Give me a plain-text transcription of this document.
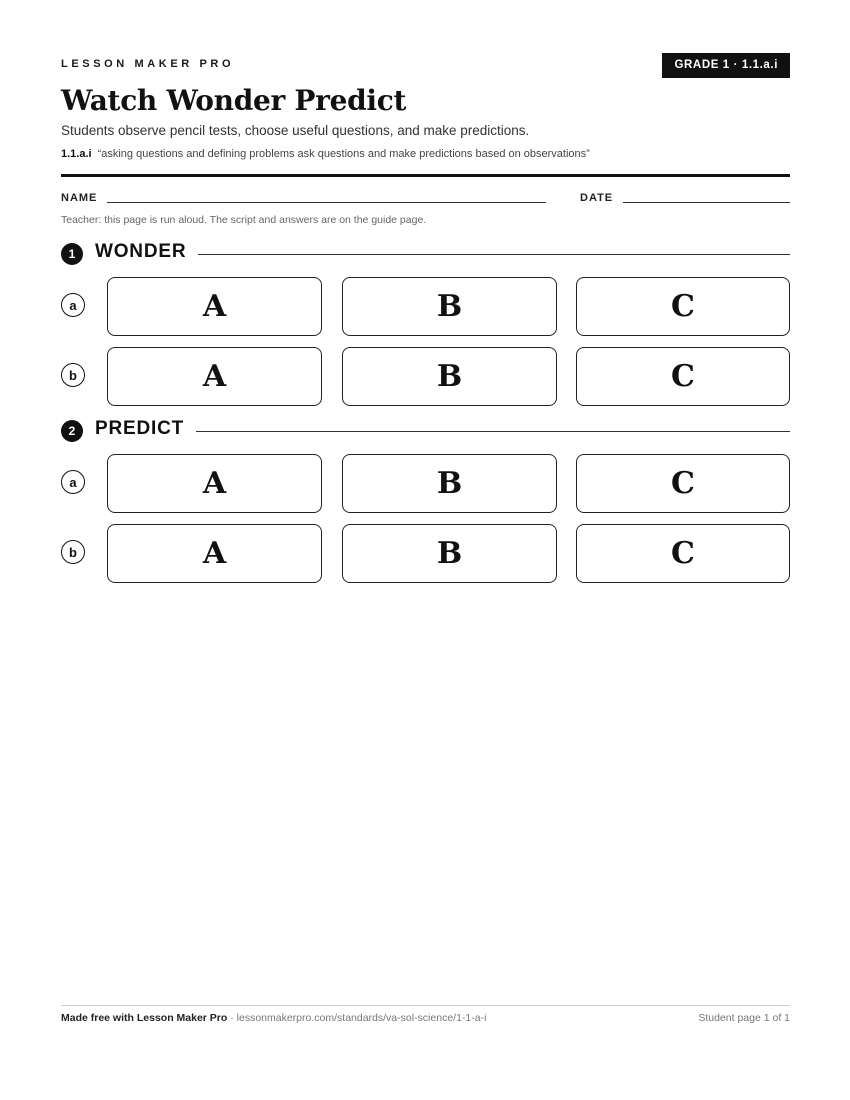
LESSON MAKER PRO	GRADE 1 · 1.1.a.i
Watch Wonder Predict
Students observe pencil tests, choose useful questions, and make predictions.
1.1.a.i “asking questions and defining problems ask questions and make predictions based on observations”
NAME	DATE
Teacher: this page is run aloud. The script and answers are on the guide page.
1	WONDER
a	A	B	C
b	A	B	C
2	PREDICT
a	A	B	C
b	A	B	C
Made free with Lesson Maker Pro · lessonmakerpro.com/standards/va-sol-science/1-1-a-i	Student page 1 of 1
